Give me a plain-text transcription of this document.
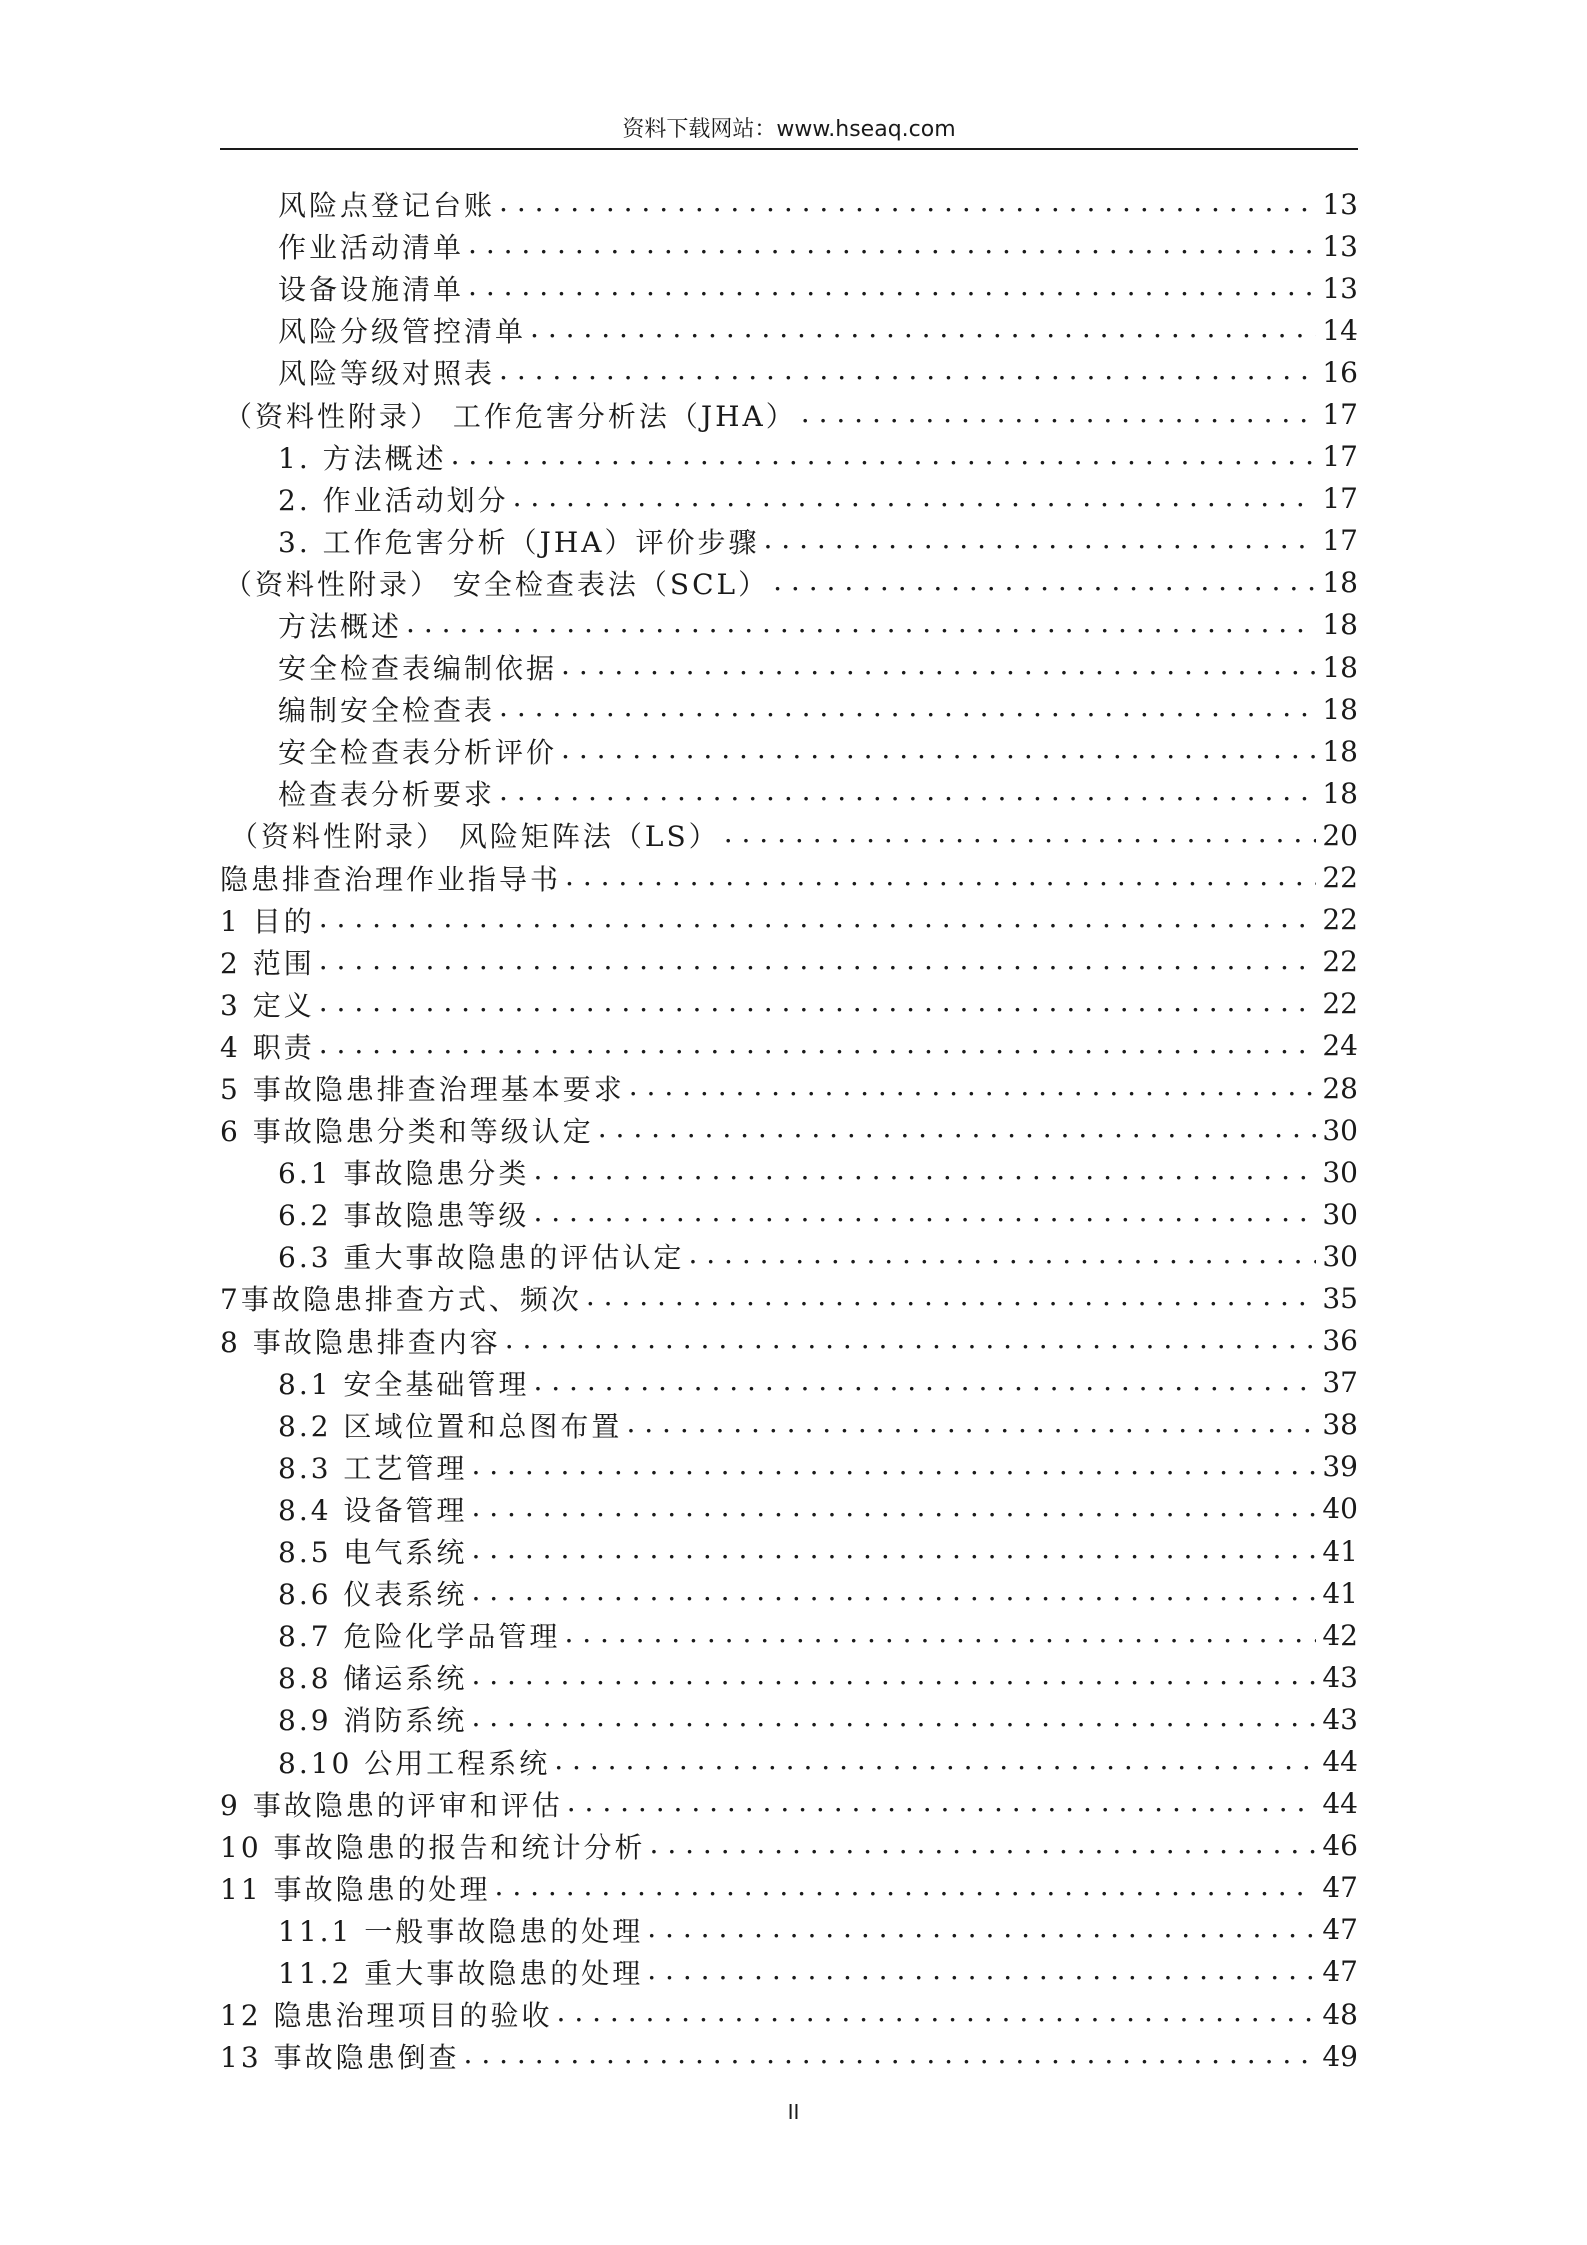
资料下载网站：www.hseaq.com
风险点登记台账 . . .	13
作业活动清单 . . .	13
设备设施清单 . . .	13
风险分级管控清单 . . .	14
风险等级对照表 . . .	16
（资料性附录） 工作危害分析法（JHA） . . .	17
1. 方法概述 . . .	17
2. 作业活动划分 . . .	17
3. 工作危害分析（JHA）评价步骤 . . .	17
（资料性附录） 安全检查表法（SCL） . . .	18
方法概述 . . .	18
安全检查表编制依据 . . .	18
编制安全检查表 . . .	18
安全检查表分析评价 . . .	18
检查表分析要求 . . .	18
（资料性附录） 风险矩阵法（LS） . . .	20
隐患排查治理作业指导书 . . .	22
1 目的 . . .	22
2 范围 . . .	22
3 定义 . . .	22
4 职责 . . .	24
5 事故隐患排查治理基本要求 . . .	28
6 事故隐患分类和等级认定 . . .	30
6.1 事故隐患分类 . . .	30
6.2 事故隐患等级 . . .	30
6.3 重大事故隐患的评估认定 . . .	30
7事故隐患排查方式、频次 . . .	35
8 事故隐患排查内容 . . .	36
8.1 安全基础管理 . . .	37
8.2 区域位置和总图布置 . . .	38
8.3 工艺管理 . . .	39
8.4 设备管理 . . .	40
8.5 电气系统 . . .	41
8.6 仪表系统 . . .	41
8.7 危险化学品管理 . . .	42
8.8 储运系统 . . .	43
8.9 消防系统 . . .	43
8.10 公用工程系统 . . .	44
9 事故隐患的评审和评估 . . .	44
10 事故隐患的报告和统计分析 . . .	46
11 事故隐患的处理 . . .	47
11.1 一般事故隐患的处理 . . .	47
11.2 重大事故隐患的处理 . . .	47
12 隐患治理项目的验收 . . .	48
13 事故隐患倒查 . . .	49
II
